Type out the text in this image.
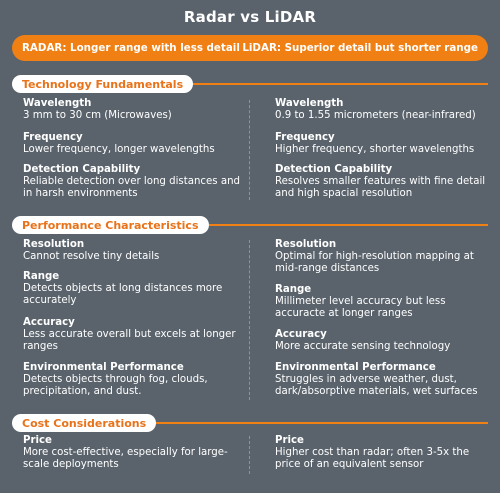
Radar vs LiDAR
RADAR: Longer range with less detail LiDAR: Superior detail but shorter range
Technology Fundamentals
Wavelength
3 mm to 30 cm (Microwaves)
Frequency
Lower frequency, longer wavelengths
Detection Capability
Reliable detection over long distances and in harsh environments
Wavelength
0.9 to 1.55 micrometers (near-infrared)
Frequency
Higher frequency, shorter wavelengths
Detection Capability
Resolves smaller features with fine detail and high spacial resolution
Performance Characteristics
Resolution
Cannot resolve tiny details
Range
Detects objects at long distances more accurately
Accuracy
Less accurate overall but excels at longer ranges
Environmental Performance
Detects objects through fog, clouds, precipitation, and dust.
Resolution
Optimal for high-resolution mapping at mid-range distances
Range
Millimeter level accuracy but less accuracte at longer ranges
Accuracy
More accurate sensing technology
Environmental Performance
Struggles in adverse weather, dust, dark/absorptive materials, wet surfaces
Cost Considerations
Price
More cost-effective, especially for large-scale deployments
Price
Higher cost than radar; often 3-5x the price of an equivalent sensor
